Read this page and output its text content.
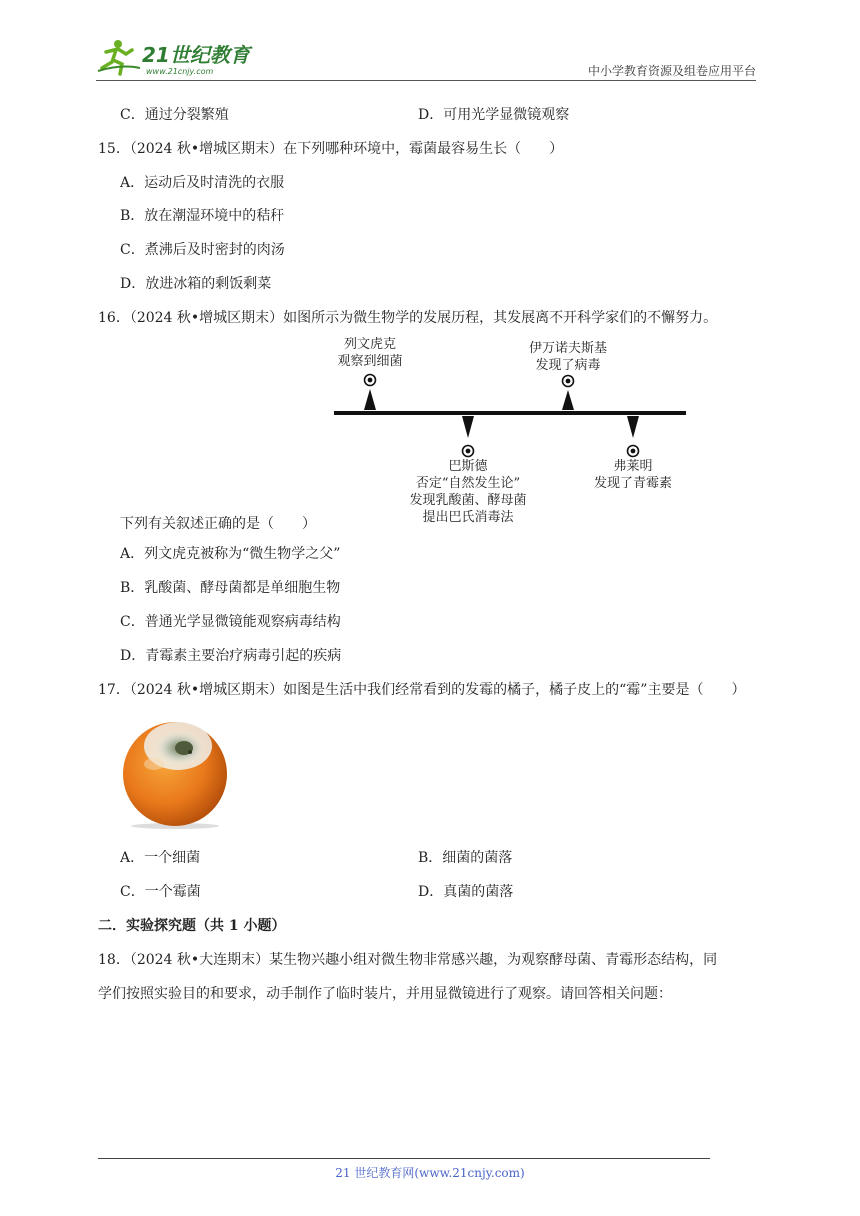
21世纪教育
www.21cnjy.com	中小学教育资源及组卷应用平台
C．通过分裂繁殖	D．可用光学显微镜观察
15．（2024 秋•增城区期末）在下列哪种环境中，霉菌最容易生长（　　）
A．运动后及时清洗的衣服
B．放在潮湿环境中的秸秆
C．煮沸后及时密封的肉汤
D．放进冰箱的剩饭剩菜
16．（2024 秋•增城区期末）如图所示为微生物学的发展历程，其发展离不开科学家们的不懈努力。
列文虎克
观察到细菌
伊万诺夫斯基
发现了病毒
巴斯德
否定“自然发生论”
发现乳酸菌、酵母菌
提出巴氏消毒法
弗莱明
发现了青霉素
下列有关叙述正确的是（　　）
A．列文虎克被称为“微生物学之父”
B．乳酸菌、酵母菌都是单细胞生物
C．普通光学显微镜能观察病毒结构
D．青霉素主要治疗病毒引起的疾病
17．（2024 秋•增城区期末）如图是生活中我们经常看到的发霉的橘子，橘子皮上的“霉”主要是（　　）
A．一个细菌	B．细菌的菌落
C．一个霉菌	D．真菌的菌落
二．实验探究题（共 1 小题）
18．（2024 秋•大连期末）某生物兴趣小组对微生物非常感兴趣，为观察酵母菌、青霉形态结构，同
学们按照实验目的和要求，动手制作了临时装片，并用显微镜进行了观察。请回答相关问题：
21 世纪教育网(www.21cnjy.com)
